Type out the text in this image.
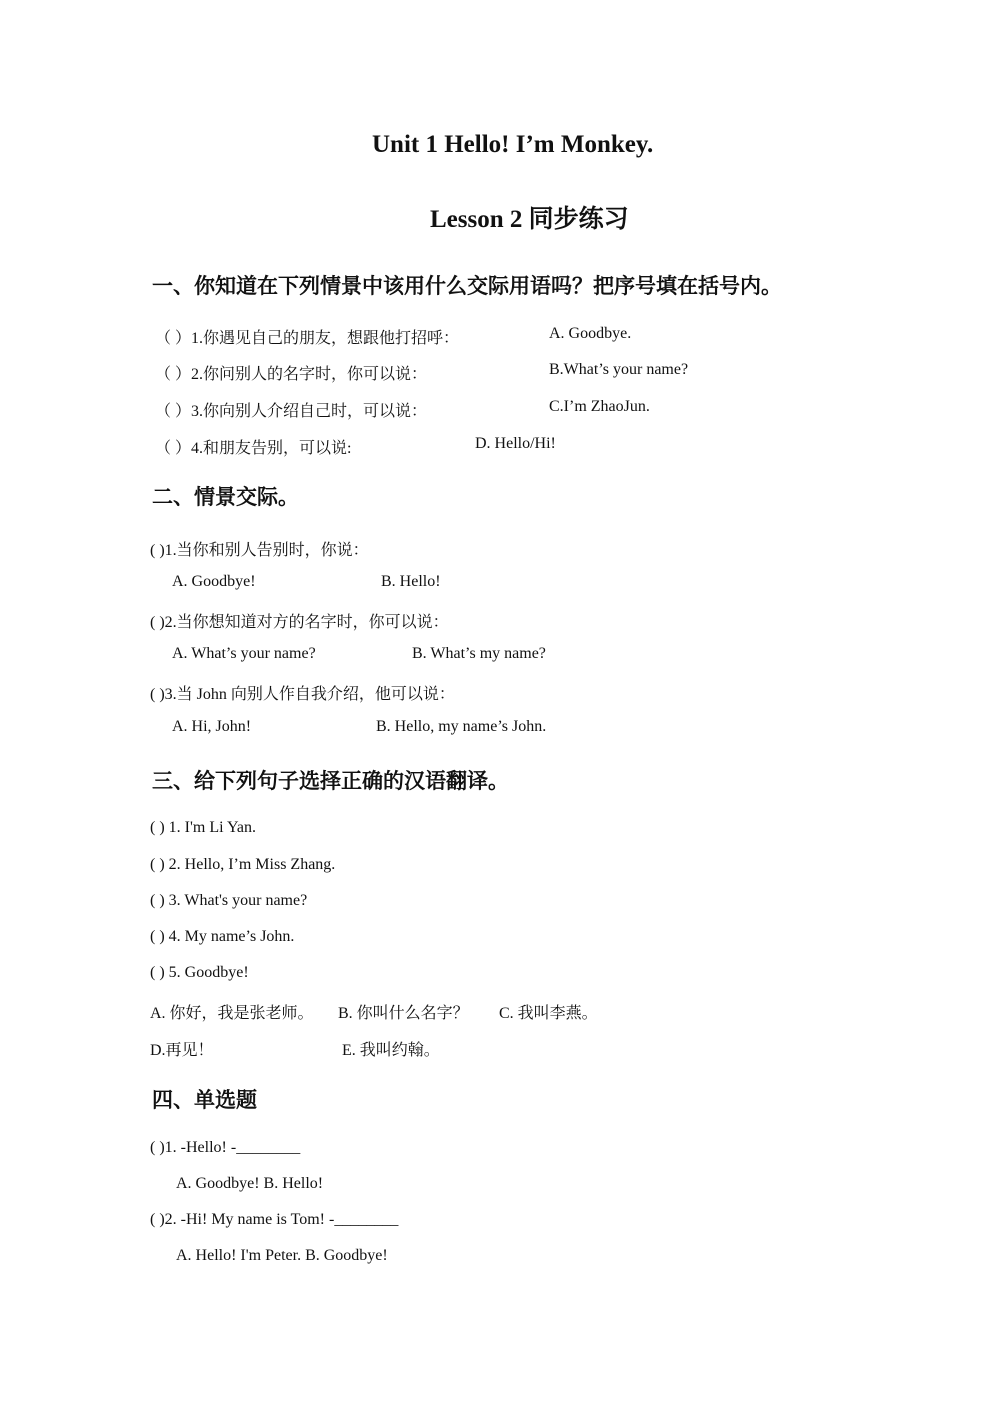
Unit 1 Hello! I’m Monkey.
Lesson 2 同步练习
一、你知道在下列情景中该用什么交际用语吗？把序号填在括号内。
（ ）1.你遇见自己的朋友，想跟他打招呼：	A. Goodbye.
（ ）2.你问别人的名字时，你可以说：	B.What’s your name?
（ ）3.你向别人介绍自己时，可以说：	C.I’m ZhaoJun.
（ ）4.和朋友告别，可以说:	D. Hello/Hi!
二、情景交际。
( )1.当你和别人告别时，你说：
A. Goodbye!	B. Hello!
( )2.当你想知道对方的名字时，你可以说：
A. What’s your name?	B. What’s my name?
( )3.当 John 向别人作自我介绍，他可以说：
A. Hi, John!	B. Hello, my name’s John.
三、给下列句子选择正确的汉语翻译。
( ) 1. I'm Li Yan.
( ) 2. Hello, I’m Miss Zhang.
( ) 3. What's your name?
( ) 4. My name’s John.
( ) 5. Goodbye!
A. 你好，我是张老师。 B. 你叫什么名字？ C. 我叫李燕。
D.再见！	E. 我叫约翰。
四、单选题
( )1. -Hello! -________
A. Goodbye! B. Hello!
( )2. -Hi! My name is Tom! -________
A. Hello! I'm Peter. B. Goodbye!
